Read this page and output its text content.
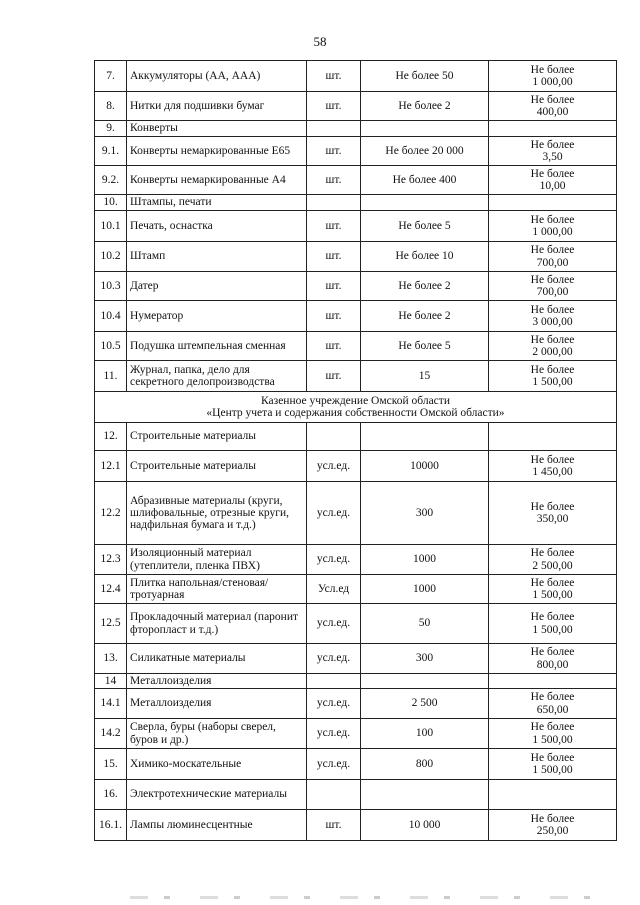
58
7.	Аккумуляторы (АА, ААА)	шт.	Не более 50	Не более
1 000,00

8.	Нитки для подшивки бумаг	шт.	Не более 2	Не более
400,00

9.	Конверты			

9.1.	Конверты немаркированные Е65	шт.	Не более 20 000	Не более
3,50

9.2.	Конверты немаркированные А4	шт.	Не более 400	Не более
10,00

10.	Штампы, печати			

10.1	Печать, оснастка	шт.	Не более 5	Не более
1 000,00

10.2	Штамп	шт.	Не более 10	Не более
700,00

10.3	Датер	шт.	Не более 2	Не более
700,00

10.4	Нумератор	шт.	Не более 2	Не более
3 000,00

10.5	Подушка штемпельная сменная	шт.	Не более 5	Не более
2 000,00

11.	Журнал, папка, дело для секретного делопроизводства	шт.	15	Не более
1 500,00

Казенное учреждение Омской области
«Центр учета и содержания собственности Омской области»				

12.	Строительные материалы			

12.1	Строительные материалы	усл.ед.	10000	Не более
1 450,00

12.2	Абразивные материалы (круги, шлифовальные, отрезные круги, надфильная бумага и т.д.)	усл.ед.	300	Не более
350,00

12.3	Изоляционный материал (утеплители, пленка ПВХ)	усл.ед.	1000	Не более
2 500,00

12.4	Плитка напольная/стеновая/тротуарная	Усл.ед	1000	Не более
1 500,00

12.5	Прокладочный материал (паронит фторопласт и т.д.)	усл.ед.	50	Не более
1 500,00

13.	Силикатные материалы	усл.ед.	300	Не более
800,00

14	Металлоизделия			

14.1	Металлоизделия	усл.ед.	2 500	Не более
650,00

14.2	Сверла, буры (наборы сверел, буров и др.)	усл.ед.	100	Не более
1 500,00

15.	Химико-москательные	усл.ед.	800	Не более
1 500,00

16.	Электротехнические материалы			

16.1.	Лампы люминесцентные	шт.	10 000	Не более
250,00
